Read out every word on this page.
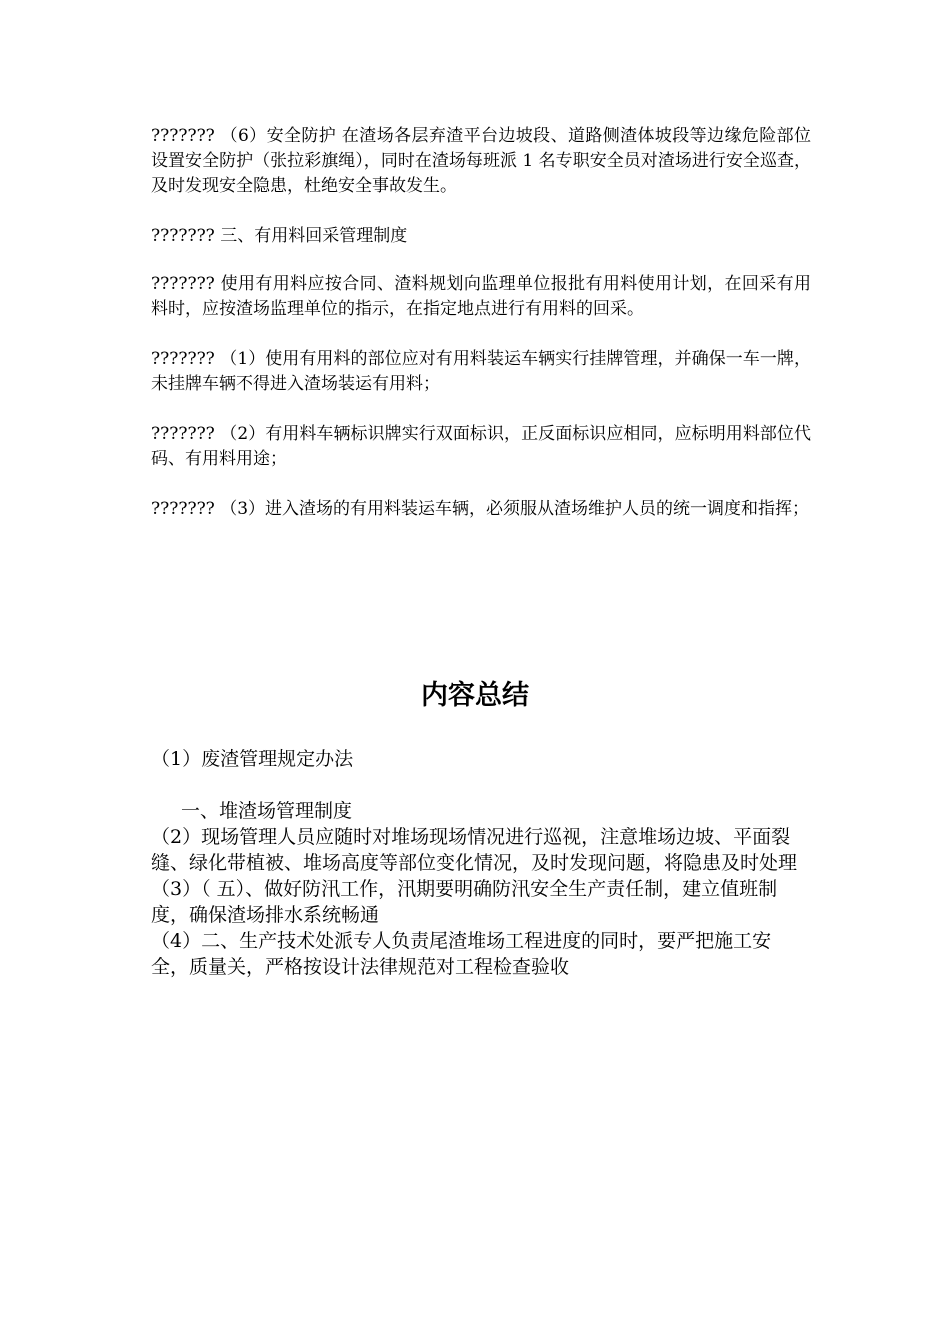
??????? （6）安全防护 在渣场各层弃渣平台边坡段、道路侧渣体坡段等边缘危险部位设置安全防护（张拉彩旗绳），同时在渣场每班派 1 名专职安全员对渣场进行安全巡查，及时发现安全隐患，杜绝安全事故发生。

??????? 三、有用料回采管理制度

??????? 使用有用料应按合同、渣料规划向监理单位报批有用料使用计划，在回采有用料时，应按渣场监理单位的指示，在指定地点进行有用料的回采。

??????? （1）使用有用料的部位应对有用料装运车辆实行挂牌管理，并确保一车一牌，未挂牌车辆不得进入渣场装运有用料；

??????? （2）有用料车辆标识牌实行双面标识，正反面标识应相同，应标明用料部位代码、有用料用途；

??????? （3）进入渣场的有用料装运车辆，必须服从渣场维护人员的统一调度和指挥；

内容总结
（1）废渣管理规定办法
一、堆渣场管理制度
（2）现场管理人员应随时对堆场现场情况进行巡视，注意堆场边坡、平面裂缝、绿化带植被、堆场高度等部位变化情况，及时发现问题，将隐患及时处理
（3）（ 五）、做好防汛工作，汛期要明确防汛安全生产责任制，建立值班制度，确保渣场排水系统畅通
（4）二、生产技术处派专人负责尾渣堆场工程进度的同时，要严把施工安全，质量关，严格按设计法律规范对工程检查验收
